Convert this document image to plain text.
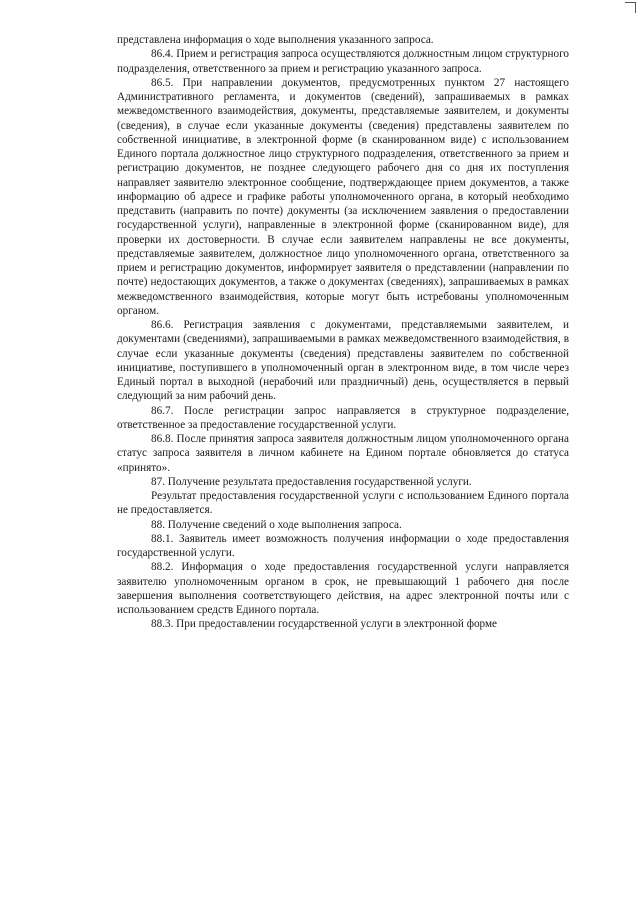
представлена информация о ходе выполнения указанного запроса.

86.4. Прием и регистрация запроса осуществляются должностным лицом структурного подразделения, ответственного за прием и регистрацию указанного запроса.

86.5. При направлении документов, предусмотренных пунктом 27 настоящего Административного регламента, и документов (сведений), запрашиваемых в рамках межведомственного взаимодействия, документы, представляемые заявителем, и документы (сведения), в случае если указанные документы (сведения) представлены заявителем по собственной инициативе, в электронной форме (в сканированном виде) с использованием Единого портала должностное лицо структурного подразделения, ответственного за прием и регистрацию документов, не позднее следующего рабочего дня со дня их поступления направляет заявителю электронное сообщение, подтверждающее прием документов, а также информацию об адресе и графике работы уполномоченного органа, в который необходимо представить (направить по почте) документы (за исключением заявления о предоставлении государственной услуги), направленные в электронной форме (сканированном виде), для проверки их достоверности. В случае если заявителем направлены не все документы, представляемые заявителем, должностное лицо уполномоченного органа, ответственного за прием и регистрацию документов, информирует заявителя о представлении (направлении по почте) недостающих документов, а также о документах (сведениях), запрашиваемых в рамках межведомственного взаимодействия, которые могут быть истребованы уполномоченным органом.

86.6. Регистрация заявления с документами, представляемыми заявителем, и документами (сведениями), запрашиваемыми в рамках межведомственного взаимодействия, в случае если указанные документы (сведения) представлены заявителем по собственной инициативе, поступившего в уполномоченный орган в электронном виде, в том числе через Единый портал в выходной (нерабочий или праздничный) день, осуществляется в первый следующий за ним рабочий день.

86.7. После регистрации запрос направляется в структурное подразделение, ответственное за предоставление государственной услуги.

86.8. После принятия запроса заявителя должностным лицом уполномоченного органа статус запроса заявителя в личном кабинете на Едином портале обновляется до статуса «принято».

87. Получение результата предоставления государственной услуги.

Результат предоставления государственной услуги с использованием Единого портала не предоставляется.

88. Получение сведений о ходе выполнения запроса.

88.1. Заявитель имеет возможность получения информации о ходе предоставления государственной услуги.

88.2. Информация о ходе предоставления государственной услуги направляется заявителю уполномоченным органом в срок, не превышающий 1 рабочего дня после завершения выполнения соответствующего действия, на адрес электронной почты или с использованием средств Единого портала.

88.3. При предоставлении государственной услуги в электронной форме
